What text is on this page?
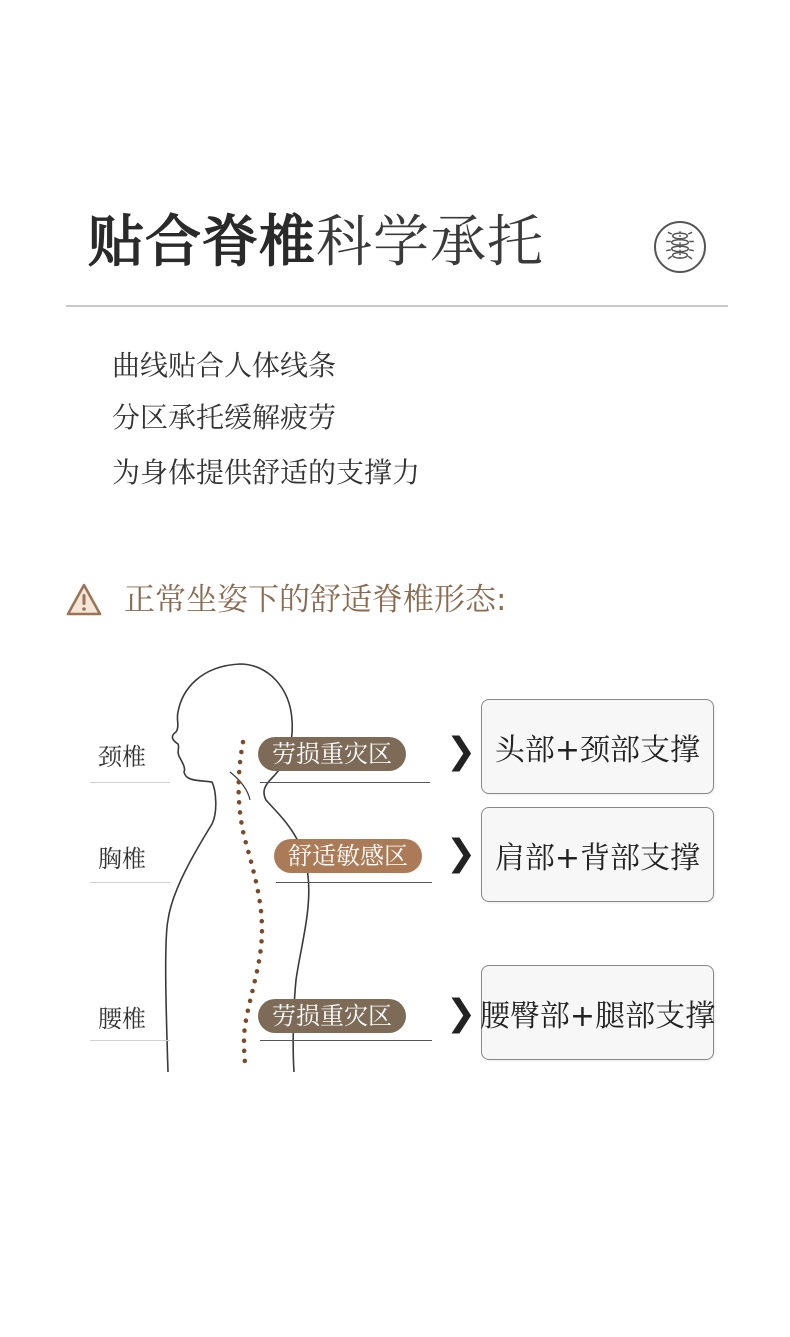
贴合脊椎科学承托
曲线贴合人体线条
分区承托缓解疲劳
为身体提供舒适的支撑力
正常坐姿下的舒适脊椎形态:
颈椎
胸椎
腰椎
劳损重灾区
舒适敏感区
劳损重灾区
❯
❯
❯
头部+颈部支撑
肩部+背部支撑
腰臀部+腿部支撑
